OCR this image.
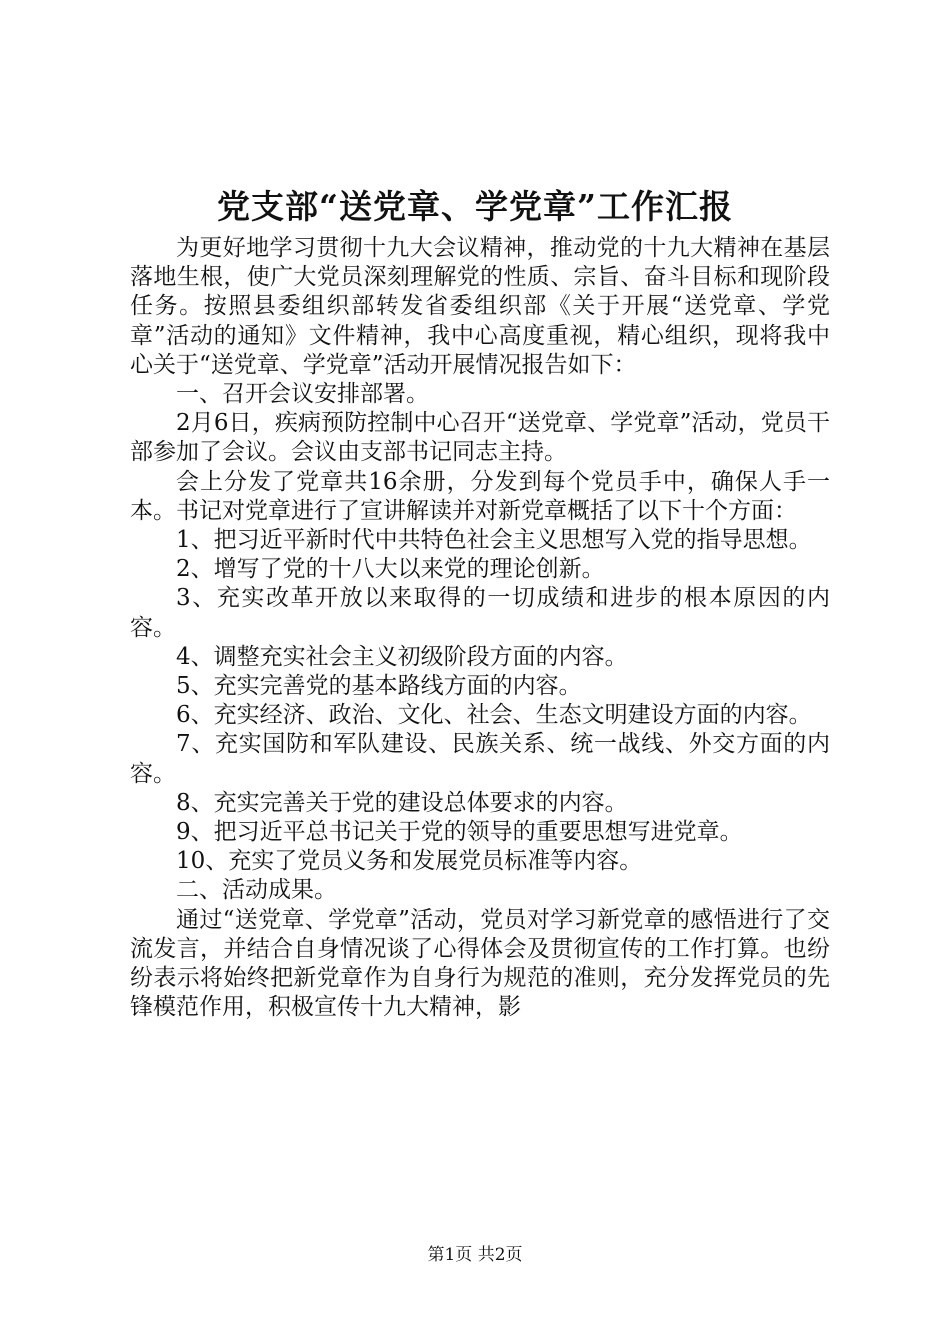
党支部“送党章、学党章”工作汇报

为更好地学习贯彻十九大会议精神，推动党的十九大精神在基层落地生根，使广大党员深刻理解党的性质、宗旨、奋斗目标和现阶段任务。按照县委组织部转发省委组织部《关于开展“送党章、学党章”活动的通知》文件精神，我中心高度重视，精心组织，现将我中心关于“送党章、学党章”活动开展情况报告如下：

一、召开会议安排部署。

2月6日，疾病预防控制中心召开“送党章、学党章”活动，党员干部参加了会议。会议由支部书记同志主持。

会上分发了党章共16余册，分发到每个党员手中，确保人手一本。书记对党章进行了宣讲解读并对新党章概括了以下十个方面：

1、把习近平新时代中共特色社会主义思想写入党的指导思想。

2、增写了党的十八大以来党的理论创新。

3、充实改革开放以来取得的一切成绩和进步的根本原因的内容。

4、调整充实社会主义初级阶段方面的内容。

5、充实完善党的基本路线方面的内容。

6、充实经济、政治、文化、社会、生态文明建设方面的内容。

7、充实国防和军队建设、民族关系、统一战线、外交方面的内容。

8、充实完善关于党的建设总体要求的内容。

9、把习近平总书记关于党的领导的重要思想写进党章。

10、充实了党员义务和发展党员标准等内容。

二、活动成果。

通过“送党章、学党章”活动，党员对学习新党章的感悟进行了交流发言，并结合自身情况谈了心得体会及贯彻宣传的工作打算。也纷纷表示将始终把新党章作为自身行为规范的准则，充分发挥党员的先锋模范作用，积极宣传十九大精神，影

第1页 共2页
